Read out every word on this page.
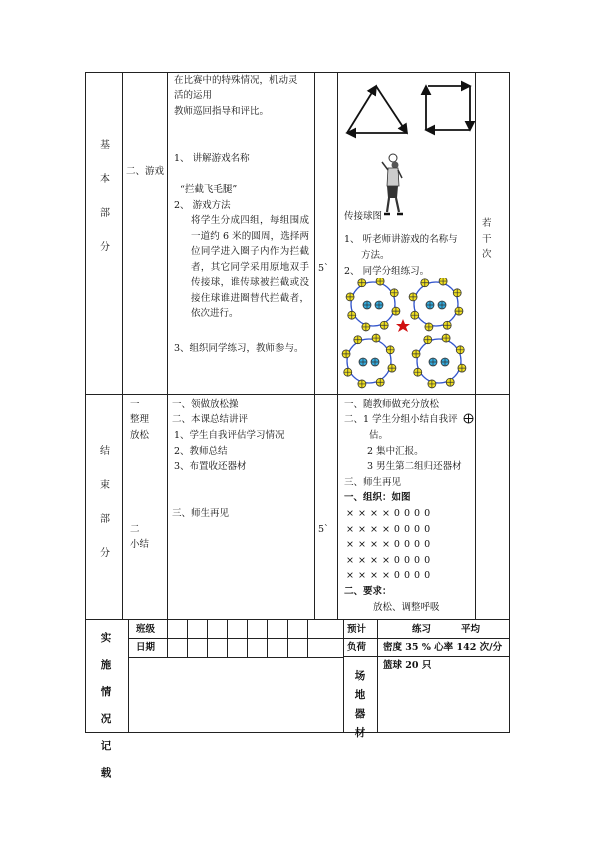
基
本
部
分
二、游戏
在比赛中的特殊情况，机动灵
活的运用
教师巡回指导和评比。
1、 讲解游戏名称
“拦截飞毛腿”
2、 游戏方法
将学生分成四组，每组围成一道约 6 米的圆周，选择两位同学进入圈子内作为拦截者，其它同学采用原地双手传接球，谁传球被拦截或没接住球谁进圈替代拦截者，依次进行。
3、组织同学练习，教师参与。
5`
传接球图
1、 听老师讲游戏的名称与
方法。
2、 同学分组练习。
若 干 次
结
束
部
分
一
整理
放松
二
小结
一、领做放松操
二、本课总结讲评
1、学生自我评估学习情况
2、教师总结
3、布置收还器材
三、师生再见
5`
一、随教师做充分放松
二、1 学生分组小结自我评
估。
2 集中汇报。
3 男生第二组归还器材
三、师生再见
一、组织：如图
× × × × 0 0 0 0
× × × × 0 0 0 0
× × × × 0 0 0 0
× × × × 0 0 0 0
× × × × 0 0 0 0
二、要求：
放松、调整呼吸
实
施
情
况
记
载
班级
日期
预计
负荷
练习	平均
密度 35 % 心率 142 次/分
场
地
器
材
篮球 20 只
